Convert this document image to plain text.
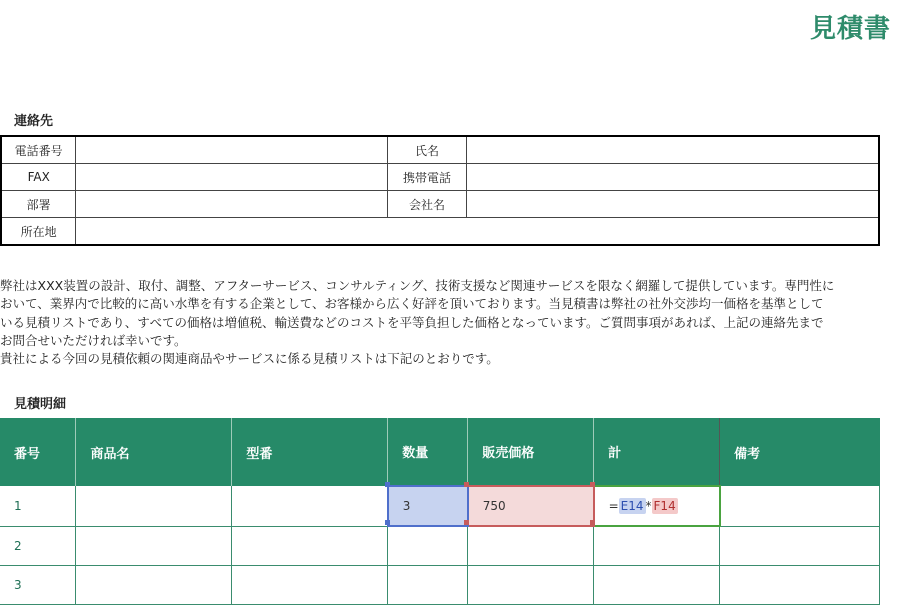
見積書
連絡先
電話番号		氏名	
FAX		携帯電話	
部署		会社名	
所在地			
弊社はXXX装置の設計、取付、調整、アフターサービス、コンサルティング、技術支援など関連サービスを限なく網羅して提供しています。専門性に
おいて、業界内で比較的に高い水準を有する企業として、お客様から広く好評を頂いております。当見積書は弊社の社外交渉均一価格を基準として
いる見積リストであり、すべての価格は増値税、輸送費などのコストを平等負担した価格となっています。ご質問事項があれば、上記の連絡先まで
お問合せいただければ幸いです。
貴社による今回の見積依頼の関連商品やサービスに係る見積リストは下記のとおりです。
見積明細
番号	商品名	型番	数量	販売価格	計	備考
1			3	750	= E14 * F14	
2						
3						
